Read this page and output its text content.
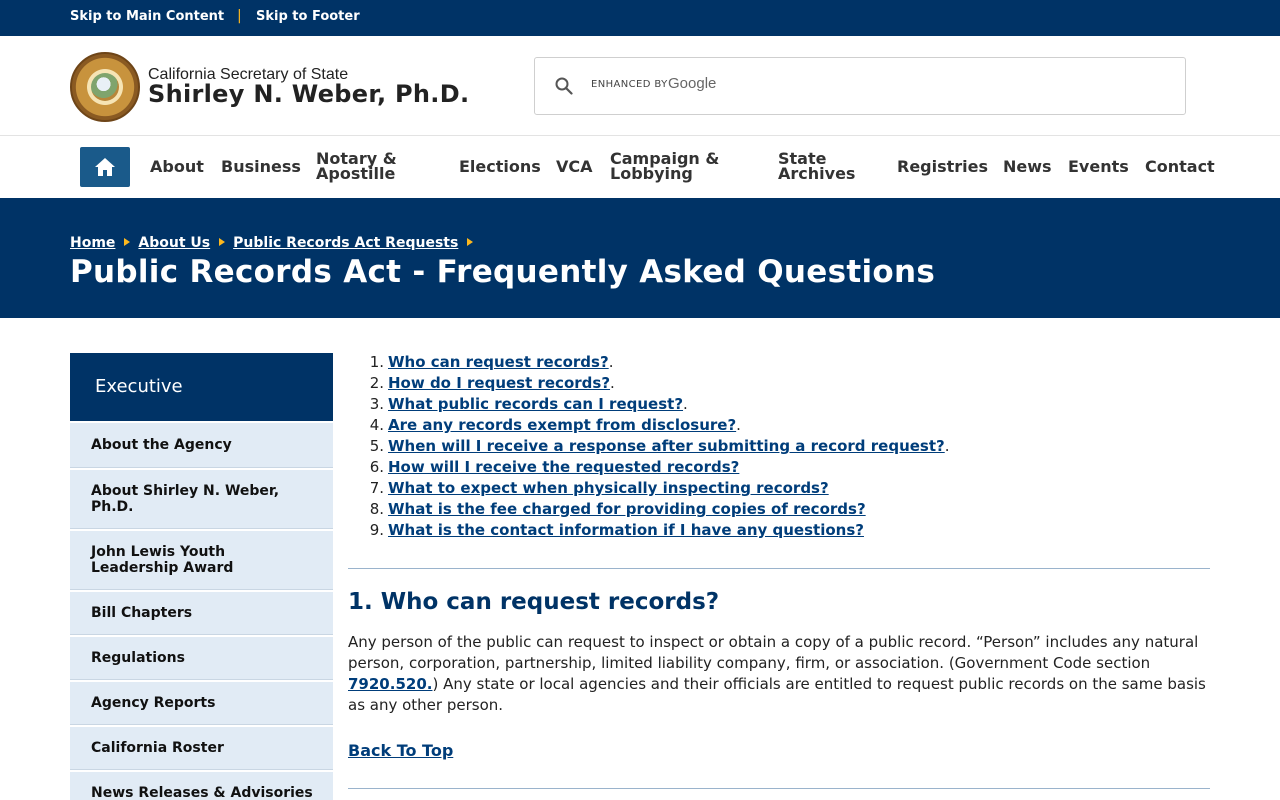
Skip to Main Content | Skip to Footer
California Secretary of State
Shirley N. Weber, Ph.D.	ENHANCED BY Google
About Business Notary &
Apostille	Elections VCA Campaign &
Lobbying
State
Archives	Registries News Events Contact
Home About Us Public Records Act Requests
Public Records Act - Frequently Asked Questions
Executive
About the Agency
About Shirley N. Weber, Ph.D.
John Lewis Youth Leadership Award
Bill Chapters
Regulations
Agency Reports
California Roster
News Releases & Advisories
1. Who can request records?.
2. How do I request records?.
3. What public records can I request?.
4. Are any records exempt from disclosure?.
5. When will I receive a response after submitting a record request?.
6. How will I receive the requested records?
7. What to expect when physically inspecting records?
8. What is the fee charged for providing copies of records?
9. What is the contact information if I have any questions?
1. Who can request records?

Any person of the public can request to inspect or obtain a copy of a public record. “Person” includes any natural person, corporation, partnership, limited liability company, firm, or association. (Government Code section 7920.520.) Any state or local agencies and their officials are entitled to request public records on the same basis as any other person.

Back To Top
